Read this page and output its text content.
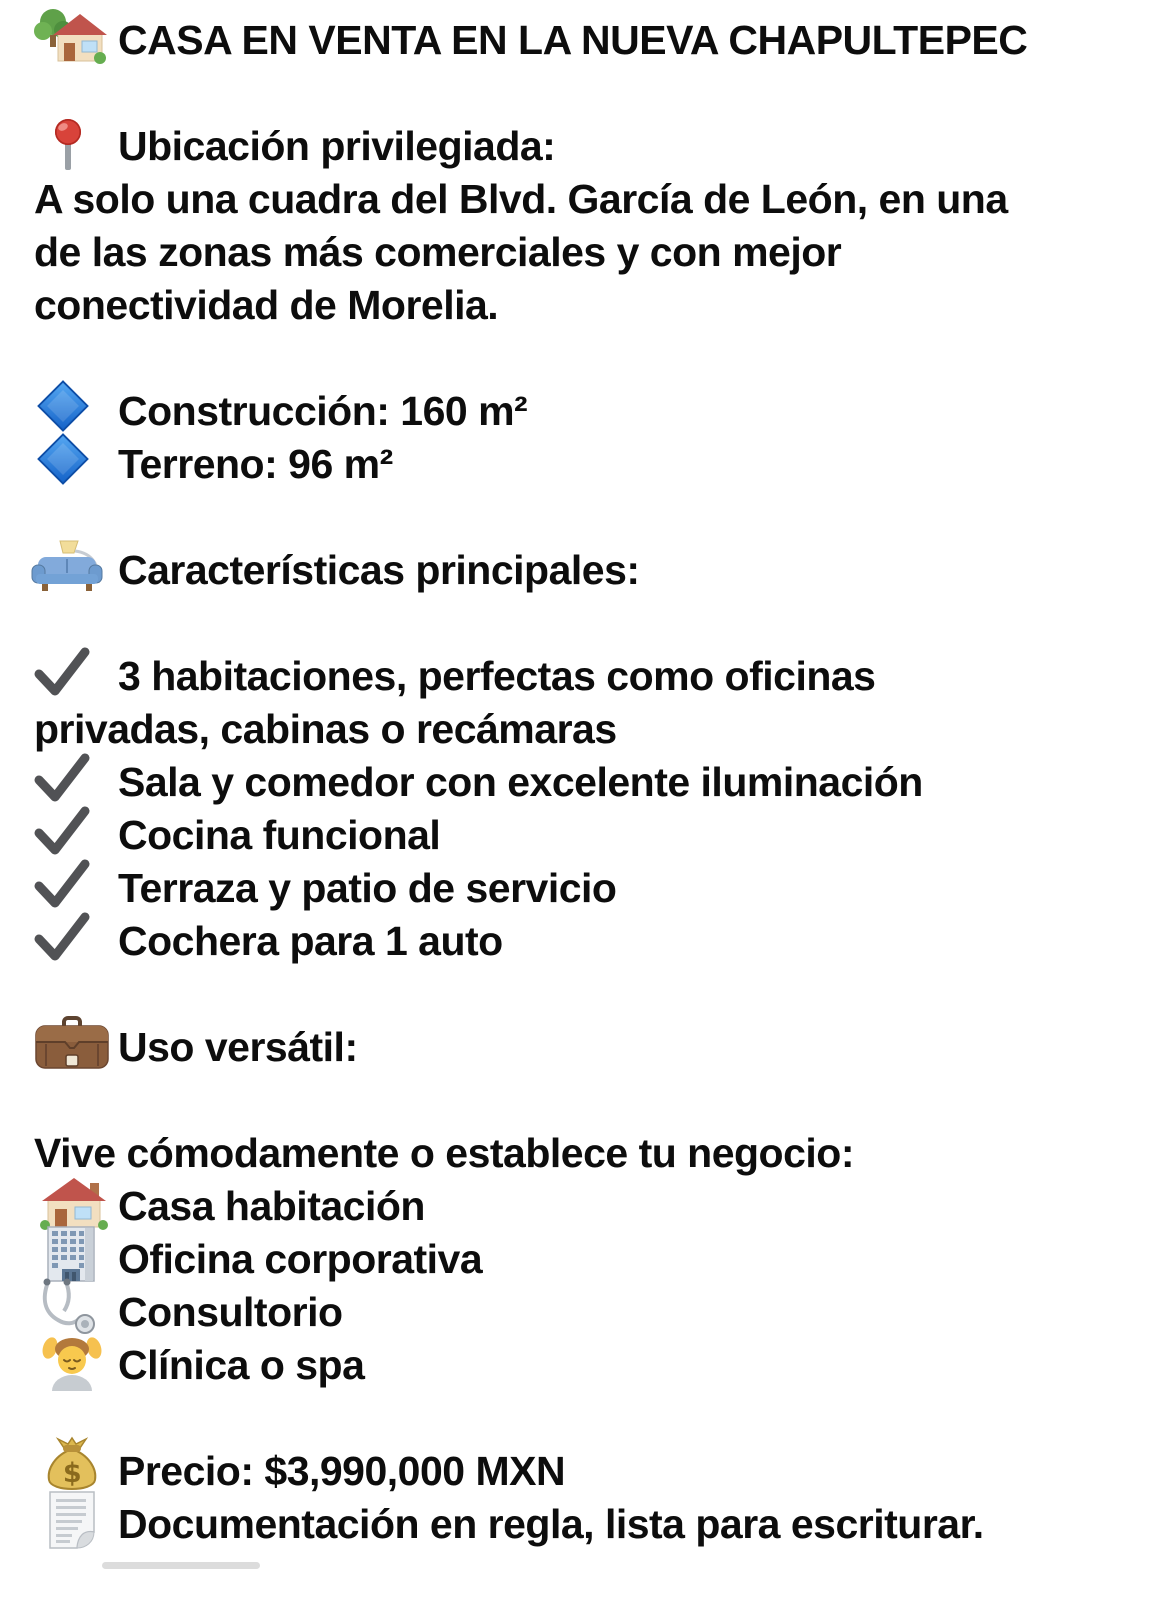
CASA EN VENTA EN LA NUEVA CHAPULTEPEC

Ubicación privilegiada:

A solo una cuadra del Blvd. García de León, en una

de las zonas más comerciales y con mejor

conectividad de Morelia.

Construcción: 160 m²

Terreno: 96 m²

Características principales:

3 habitaciones, perfectas como oficinas

privadas, cabinas o recámaras

Sala y comedor con excelente iluminación

Cocina funcional

Terraza y patio de servicio

Cochera para 1 auto

Uso versátil:

Vive cómodamente o establece tu negocio:

Casa habitación

Oficina corporativa

Consultorio

Clínica o spa

$ Precio: $3,990,000 MXN

Documentación en regla, lista para escriturar.
